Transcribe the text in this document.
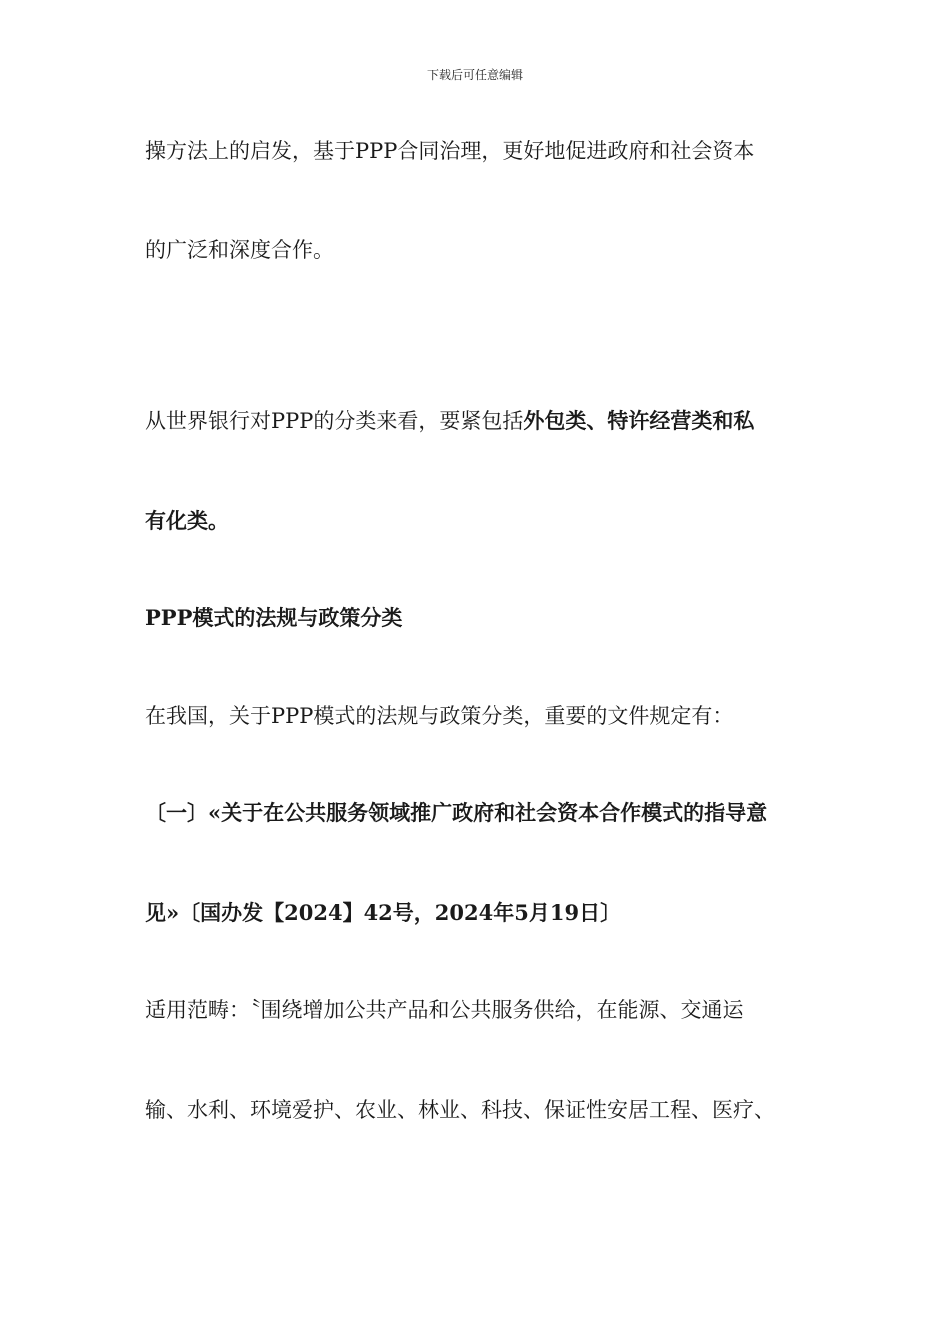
下载后可任意编辑
操方法上的启发，基于PPP合同治理，更好地促进政府和社会资本
的广泛和深度合作。
从世界银行对PPP的分类来看，要紧包括外包类、特许经营类和私
有化类。
PPP模式的法规与政策分类
在我国，关于PPP模式的法规与政策分类，重要的文件规定有：
〔一〕«关于在公共服务领域推广政府和社会资本合作模式的指导意
见»〔国办发【2024】42号，2024年5月19日〕
适用范畴：〝围绕增加公共产品和公共服务供给，在能源、交通运
输、水利、环境爱护、农业、林业、科技、保证性安居工程、医疗、
